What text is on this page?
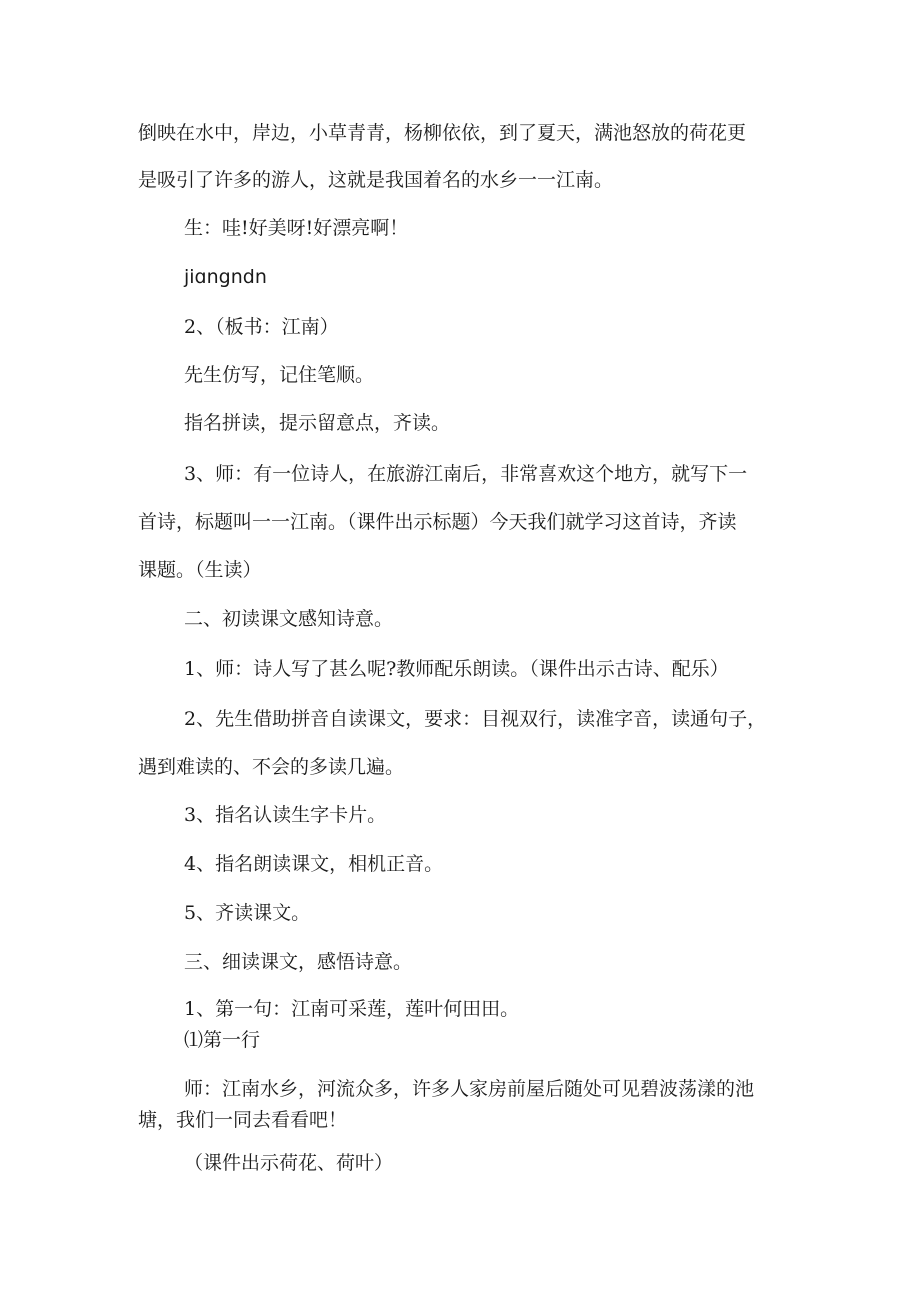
倒映在水中，岸边，小草青青，杨柳依依，到了夏天，满池怒放的荷花更
是吸引了许多的游人，这就是我国着名的水乡一一江南。
生：哇!好美呀!好漂亮啊！
jiɑngndn
2、（板书：江南）
先生仿写，记住笔顺。
指名拼读，提示留意点，齐读。
3、师：有一位诗人，在旅游江南后，非常喜欢这个地方，就写下一
首诗，标题叫一一江南。（课件出示标题）今天我们就学习这首诗，齐读
课题。（生读）
二、初读课文感知诗意。
1、师：诗人写了甚么呢?教师配乐朗读。（课件出示古诗、配乐）
2、先生借助拼音自读课文，要求：目视双行，读准字音，读通句子，
遇到难读的、不会的多读几遍。
3、指名认读生字卡片。
4、指名朗读课文，相机正音。
5、齐读课文。
三、细读课文，感悟诗意。
1、第一句：江南可采莲，莲叶何田田。
⑴第一行
师：江南水乡，河流众多，许多人家房前屋后随处可见碧波荡漾的池
塘，我们一同去看看吧！
（课件出示荷花、荷叶）
